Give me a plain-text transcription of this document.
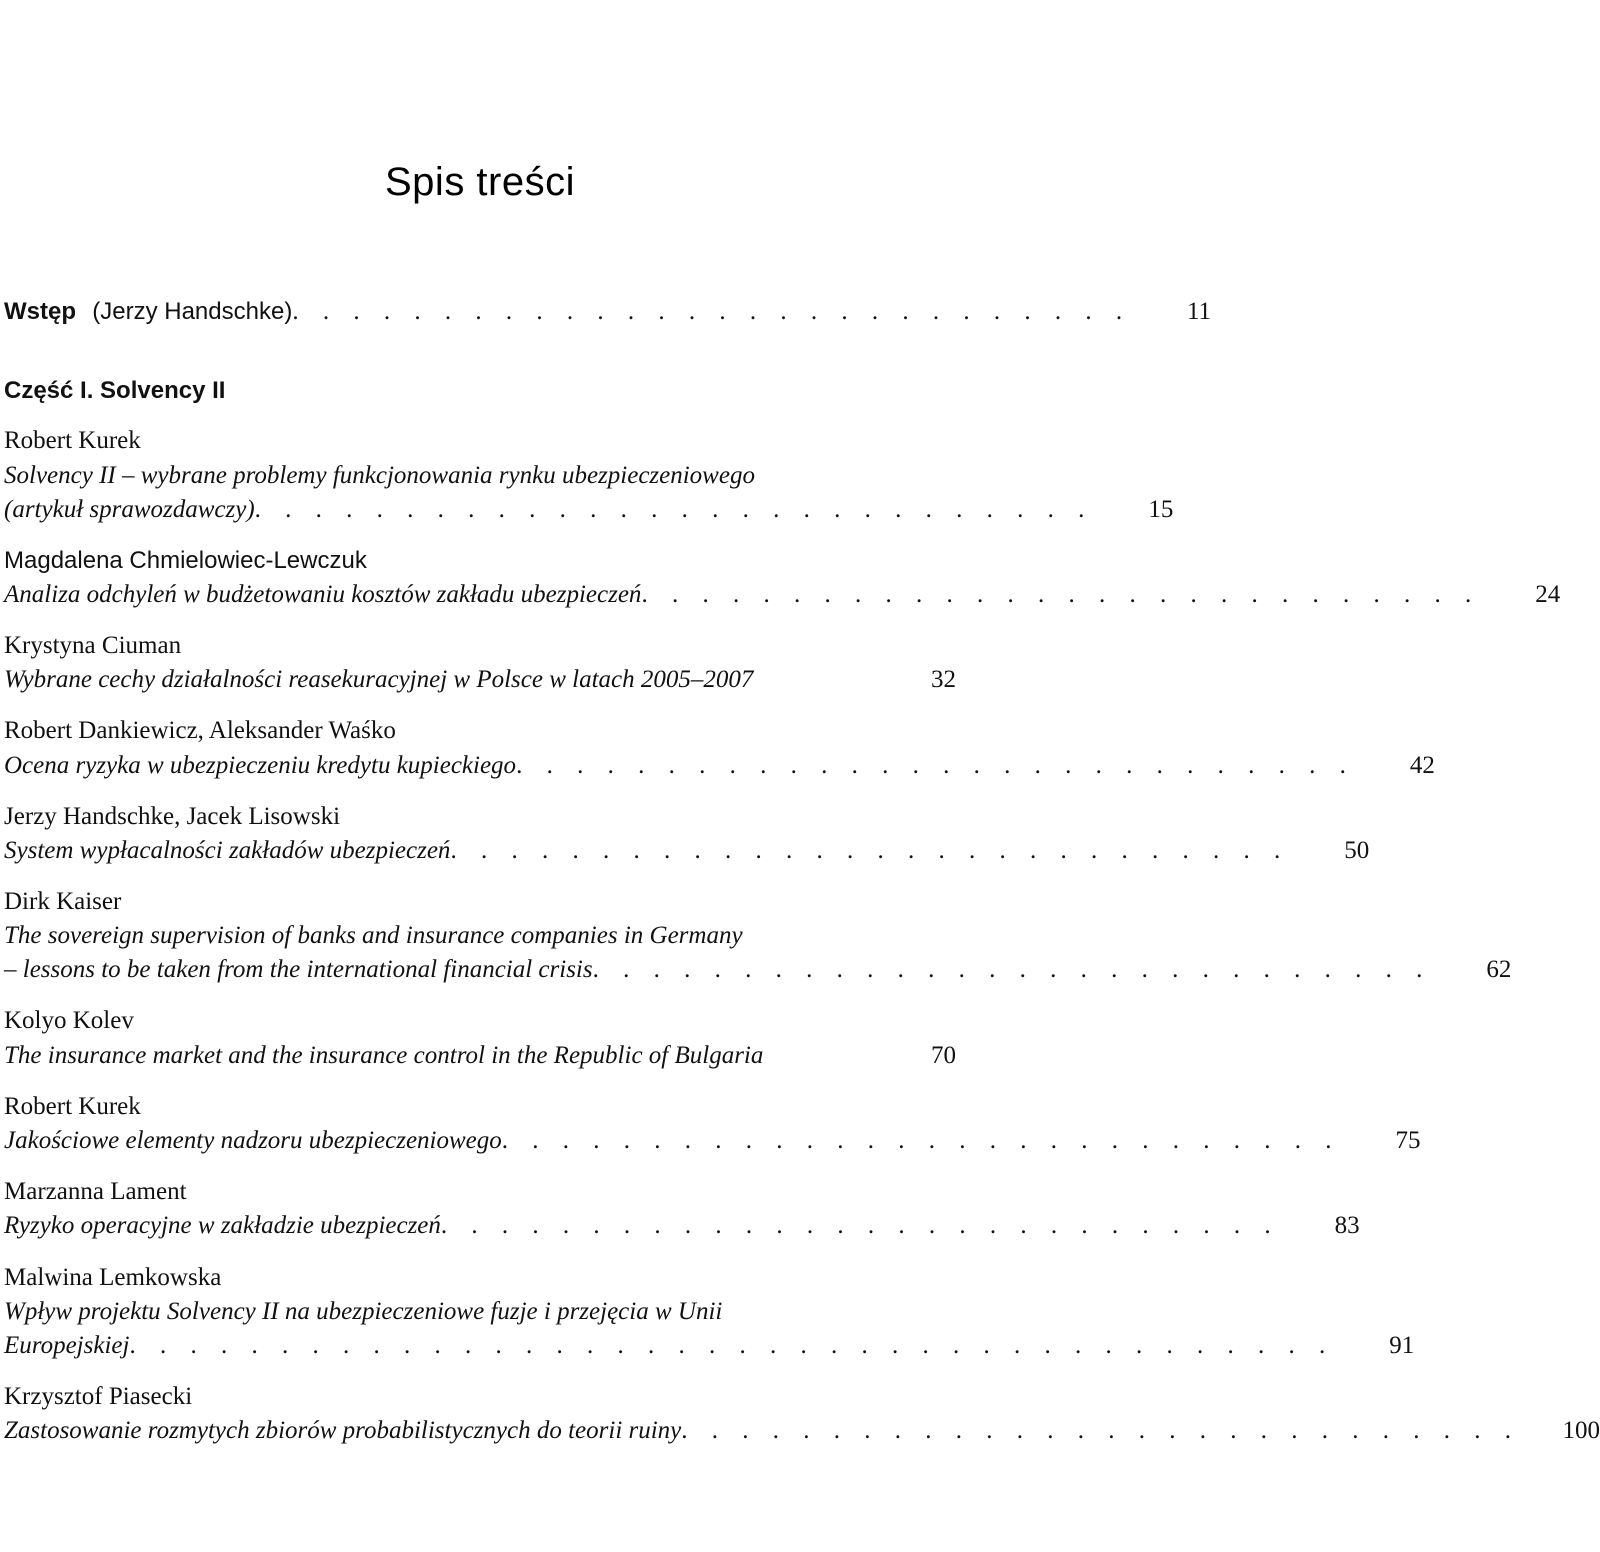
Spis treści
Wstęp (Jerzy Handschke) . . . . . . . . . . . . . . . . . . . . . . . . . . . .	11
Część I. Solvency II
Robert Kurek
Solvency II – wybrane problemy funkcjonowania rynku ubezpieczeniowego
(artykuł sprawozdawczy) . . . . . . . . . . . . . . . . . . . . . . . . . . . .	15
Magdalena Chmielowiec-Lewczuk
Analiza odchyleń w budżetowaniu kosztów zakładu ubezpieczeń . . . . . . . . . . . . . . . . . . . . . . . . . . . .	24
Krystyna Ciuman
Wybrane cechy działalności reasekuracyjnej w Polsce w latach 2005–2007	32
Robert Dankiewicz, Aleksander Waśko
Ocena ryzyka w ubezpieczeniu kredytu kupieckiego . . . . . . . . . . . . . . . . . . . . . . . . . . . .	42
Jerzy Handschke, Jacek Lisowski
System wypłacalności zakładów ubezpieczeń . . . . . . . . . . . . . . . . . . . . . . . . . . . .	50
Dirk Kaiser
The sovereign supervision of banks and insurance companies in Germany
– lessons to be taken from the international financial crisis . . . . . . . . . . . . . . . . . . . . . . . . . . . .	62
Kolyo Kolev
The insurance market and the insurance control in the Republic of Bulgaria	70
Robert Kurek
Jakościowe elementy nadzoru ubezpieczeniowego . . . . . . . . . . . . . . . . . . . . . . . . . . . .	75
Marzanna Lament
Ryzyko operacyjne w zakładzie ubezpieczeń . . . . . . . . . . . . . . . . . . . . . . . . . . . .	83
Malwina Lemkowska
Wpływ projektu Solvency II na ubezpieczeniowe fuzje i przejęcia w Unii
Europejskiej . . . . . . . . . . . . . . . . . . . . . . . . . . . . . . . . . . . . . . . .	91
Krzysztof Piasecki
Zastosowanie rozmytych zbiorów probabilistycznych do teorii ruiny . . . . . . . . . . . . . . . . . . . . . . . . . . . .	100
